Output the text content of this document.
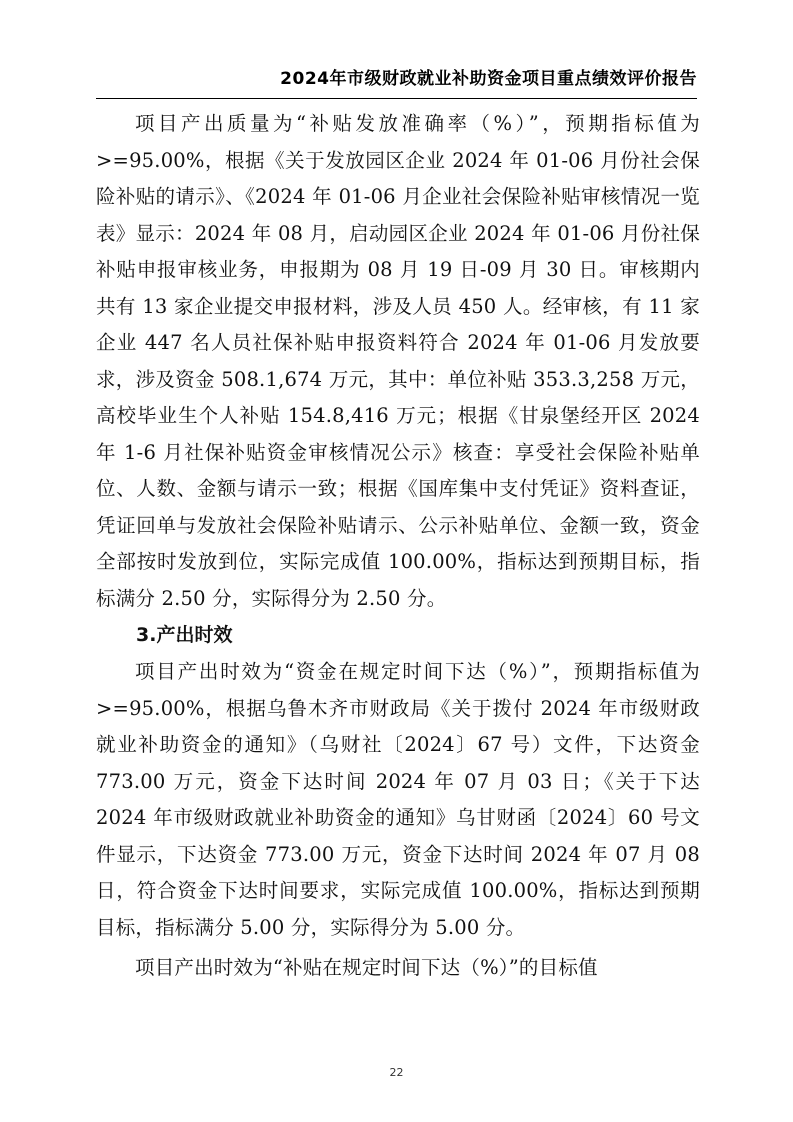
2024年市级财政就业补助资金项目重点绩效评价报告

项目产出质量为“补贴发放准确率（%）”，预期指标值为>=95.00%，根据《关于发放园区企业 2024 年 01-06 月份社会保险补贴的请示》、《2024 年 01-06 月企业社会保险补贴审核情况一览表》显示：2024 年 08 月，启动园区企业 2024 年 01-06 月份社保补贴申报审核业务，申报期为 08 月 19 日-09 月 30 日。审核期内共有 13 家企业提交申报材料，涉及人员 450 人。经审核，有 11 家企业 447 名人员社保补贴申报资料符合 2024 年 01-06 月发放要求，涉及资金 508.1,674 万元，其中：单位补贴 353.3,258 万元，高校毕业生个人补贴 154.8,416 万元；根据《甘泉堡经开区 2024 年 1-6 月社保补贴资金审核情况公示》核查：享受社会保险补贴单位、人数、金额与请示一致；根据《国库集中支付凭证》资料查证，凭证回单与发放社会保险补贴请示、公示补贴单位、金额一致，资金全部按时发放到位，实际完成值 100.00%，指标达到预期目标，指标满分 2.50 分，实际得分为 2.50 分。

3.产出时效

项目产出时效为“资金在规定时间下达（%）”，预期指标值为>=95.00%，根据乌鲁木齐市财政局《关于拨付 2024 年市级财政就业补助资金的通知》（乌财社〔2024〕67 号）文件，下达资金 773.00 万元，资金下达时间 2024 年 07 月 03 日；《关于下达 2024 年市级财政就业补助资金的通知》乌甘财函〔2024〕60 号文件显示，下达资金 773.00 万元，资金下达时间 2024 年 07 月 08 日，符合资金下达时间要求，实际完成值 100.00%，指标达到预期目标，指标满分 5.00 分，实际得分为 5.00 分。

项目产出时效为“补贴在规定时间下达（%）”的目标值

22
